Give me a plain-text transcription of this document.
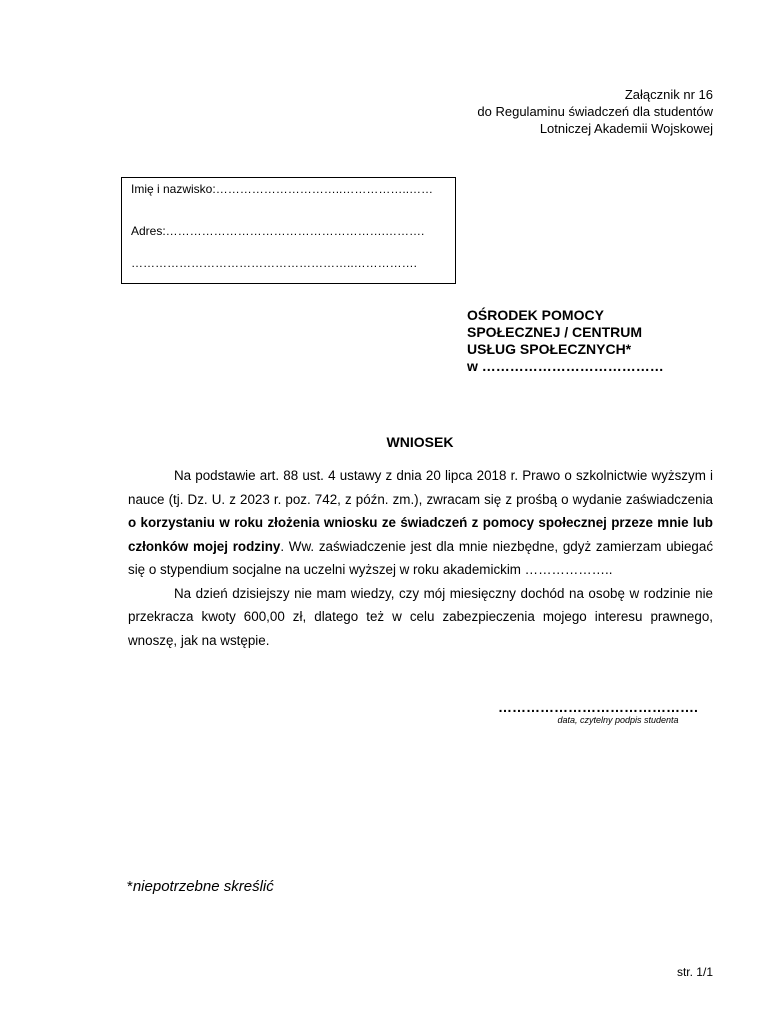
Załącznik nr 16
do Regulaminu świadczeń dla studentów
Lotniczej Akademii Wojskowej
Imię i nazwisko:…………………………..……………..……
Adres:……………………………………………….……….
………………………………………………..…………….
OŚRODEK POMOCY
SPOŁECZNEJ / CENTRUM
USŁUG SPOŁECZNYCH*
w …………………………………
WNIOSEK

Na podstawie art. 88 ust. 4 ustawy z dnia 20 lipca 2018 r. Prawo o szkolnictwie wyższym i nauce (tj. Dz. U. z 2023 r. poz. 742, z późn. zm.), zwracam się z prośbą o wydanie zaświadczenia o korzystaniu w roku złożenia wniosku ze świadczeń z pomocy społecznej przeze mnie lub członków mojej rodziny. Ww. zaświadczenie jest dla mnie niezbędne, gdyż zamierzam ubiegać się o stypendium socjalne na uczelni wyższej w roku akademickim ………………..

Na dzień dzisiejszy nie mam wiedzy, czy mój miesięczny dochód na osobę w rodzinie nie przekracza kwoty 600,00 zł, dlatego też w celu zabezpieczenia mojego interesu prawnego, wnoszę, jak na wstępie.

…………………………………….
data, czytelny podpis studenta
*niepotrzebne skreślić
str. 1/1
